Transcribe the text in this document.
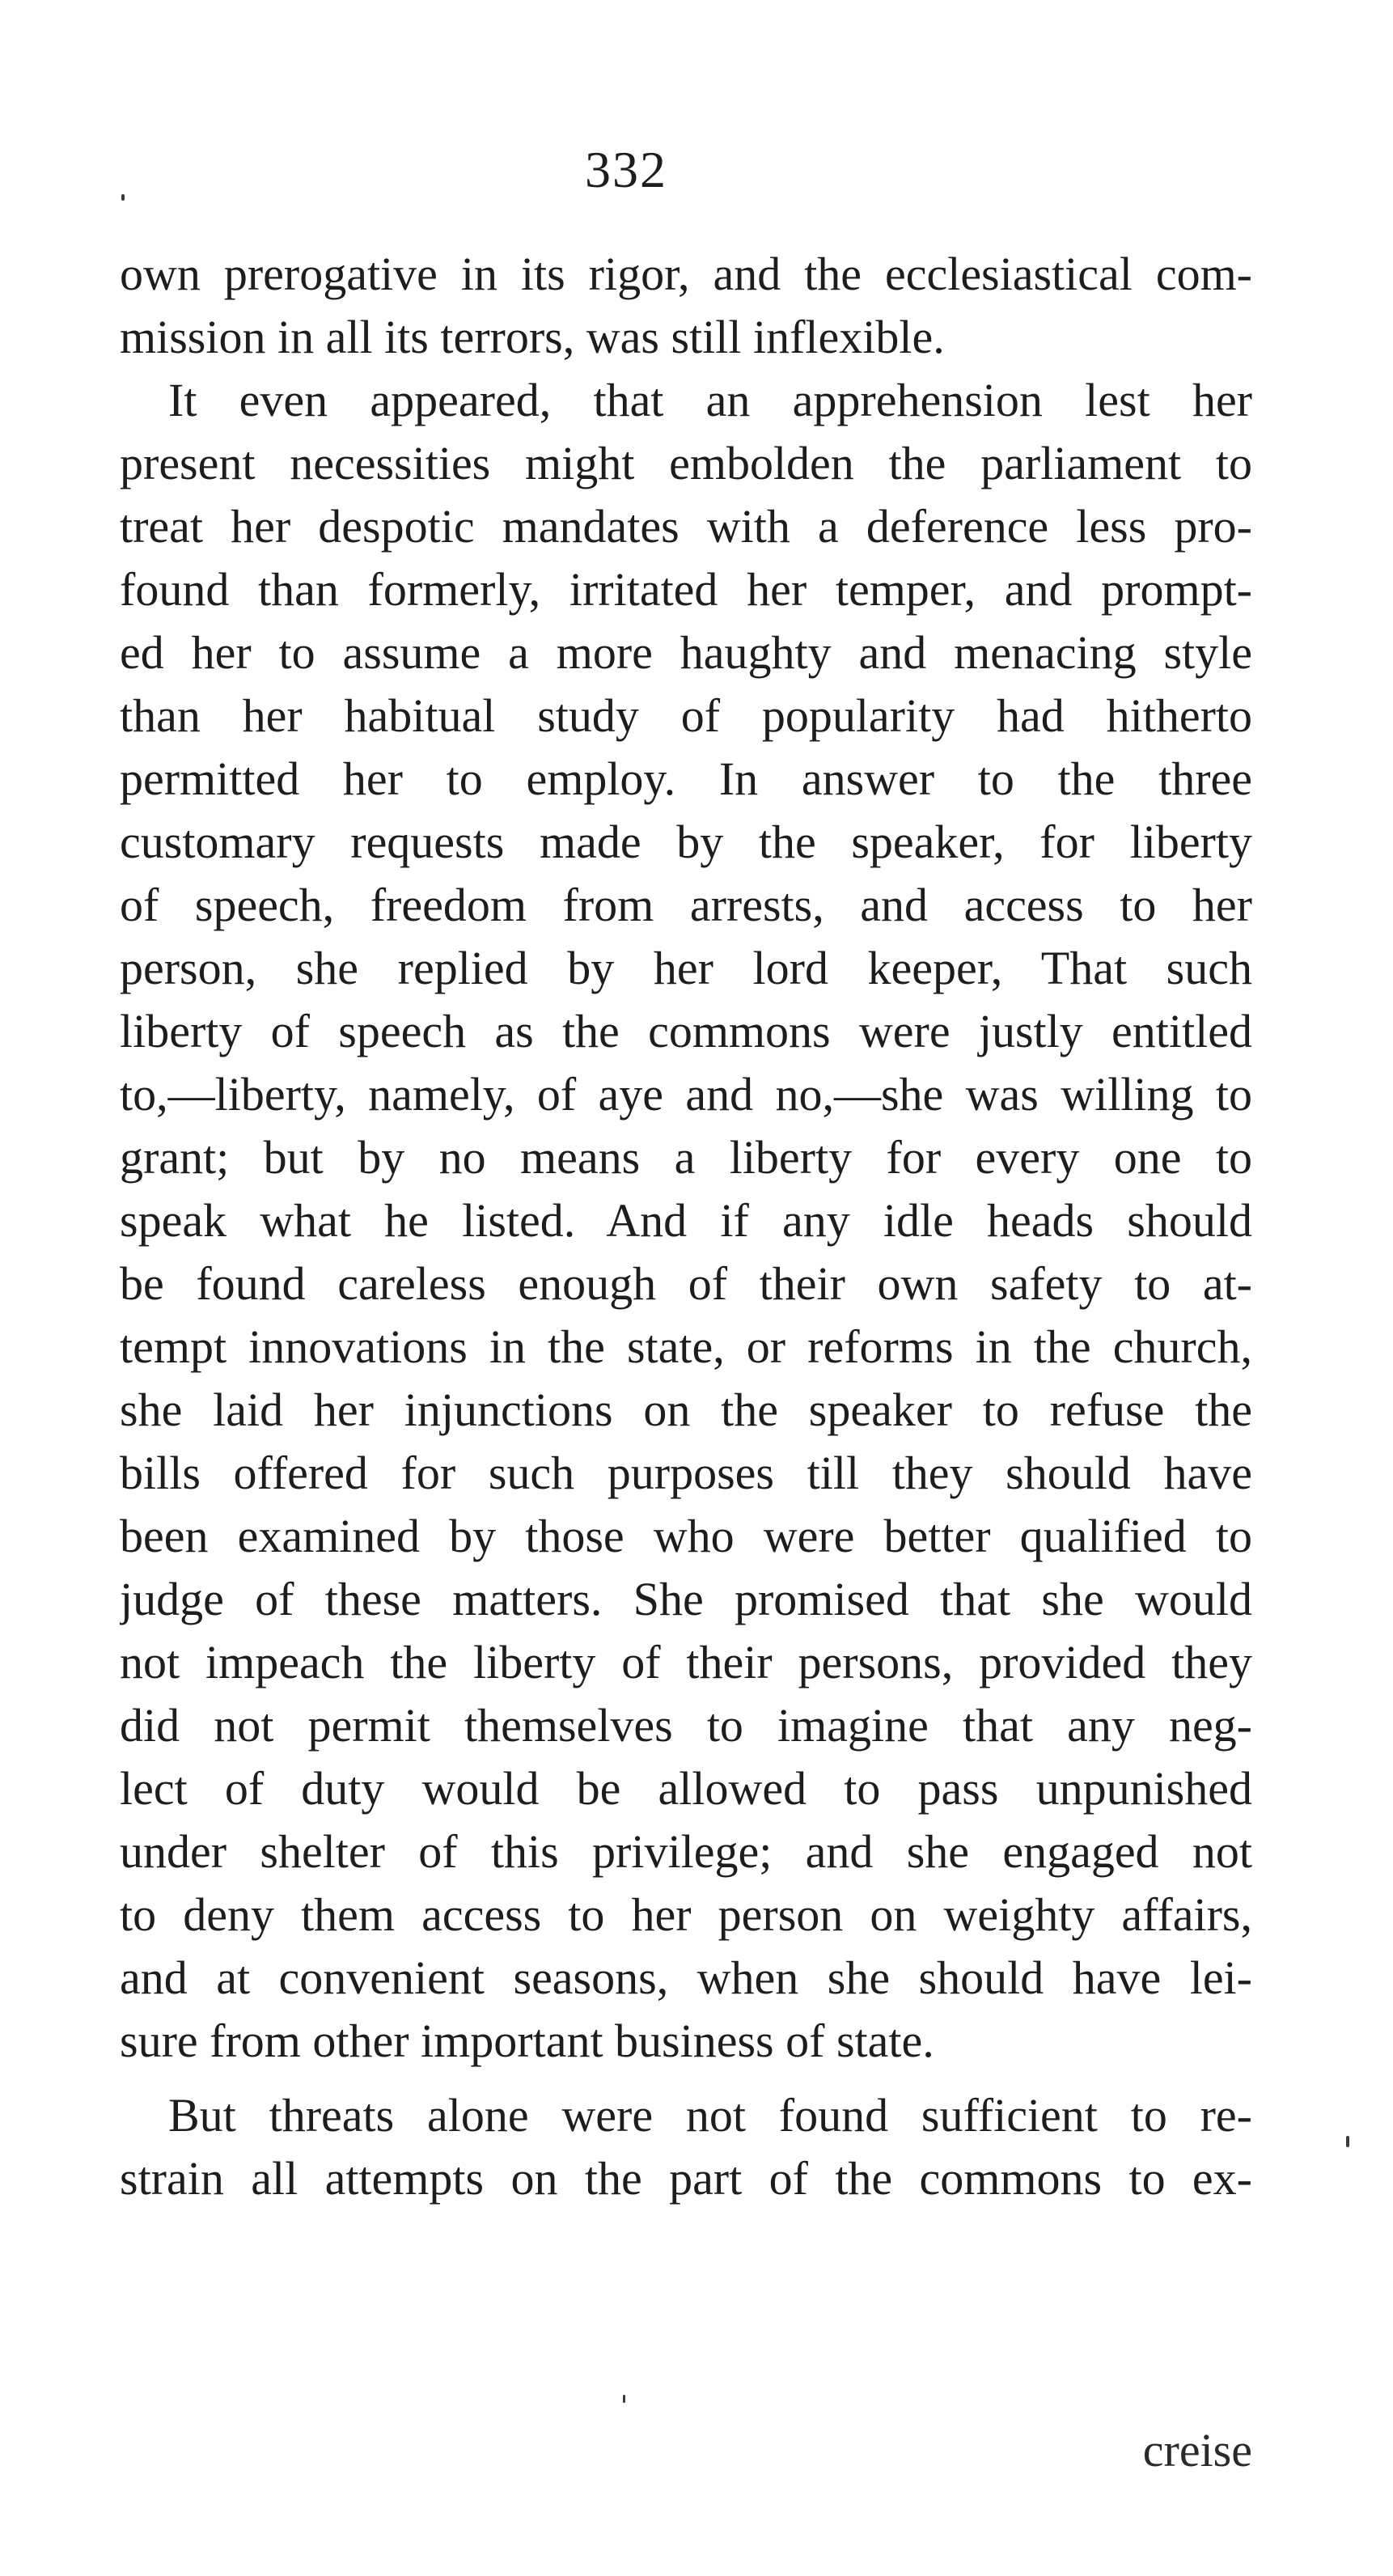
332
own prerogative in its rigor, and the ecclesiastical com-
mission in all its terrors, was still inflexible.
It even appeared, that an apprehension lest her
present necessities might embolden the parliament to
treat her despotic mandates with a deference less pro-
found than formerly, irritated her temper, and prompt-
ed her to assume a more haughty and menacing style
than her habitual study of popularity had hitherto
permitted her to employ. In answer to the three
customary requests made by the speaker, for liberty
of speech, freedom from arrests, and access to her
person, she replied by her lord keeper, That such
liberty of speech as the commons were justly entitled
to,—liberty, namely, of aye and no,—she was willing to
grant; but by no means a liberty for every one to
speak what he listed. And if any idle heads should
be found careless enough of their own safety to at-
tempt innovations in the state, or reforms in the church,
she laid her injunctions on the speaker to refuse the
bills offered for such purposes till they should have
been examined by those who were better qualified to
judge of these matters. She promised that she would
not impeach the liberty of their persons, provided they
did not permit themselves to imagine that any neg-
lect of duty would be allowed to pass unpunished
under shelter of this privilege; and she engaged not
to deny them access to her person on weighty affairs,
and at convenient seasons, when she should have lei-
sure from other important business of state.
But threats alone were not found sufficient to re-
strain all attempts on the part of the commons to ex-
creise
